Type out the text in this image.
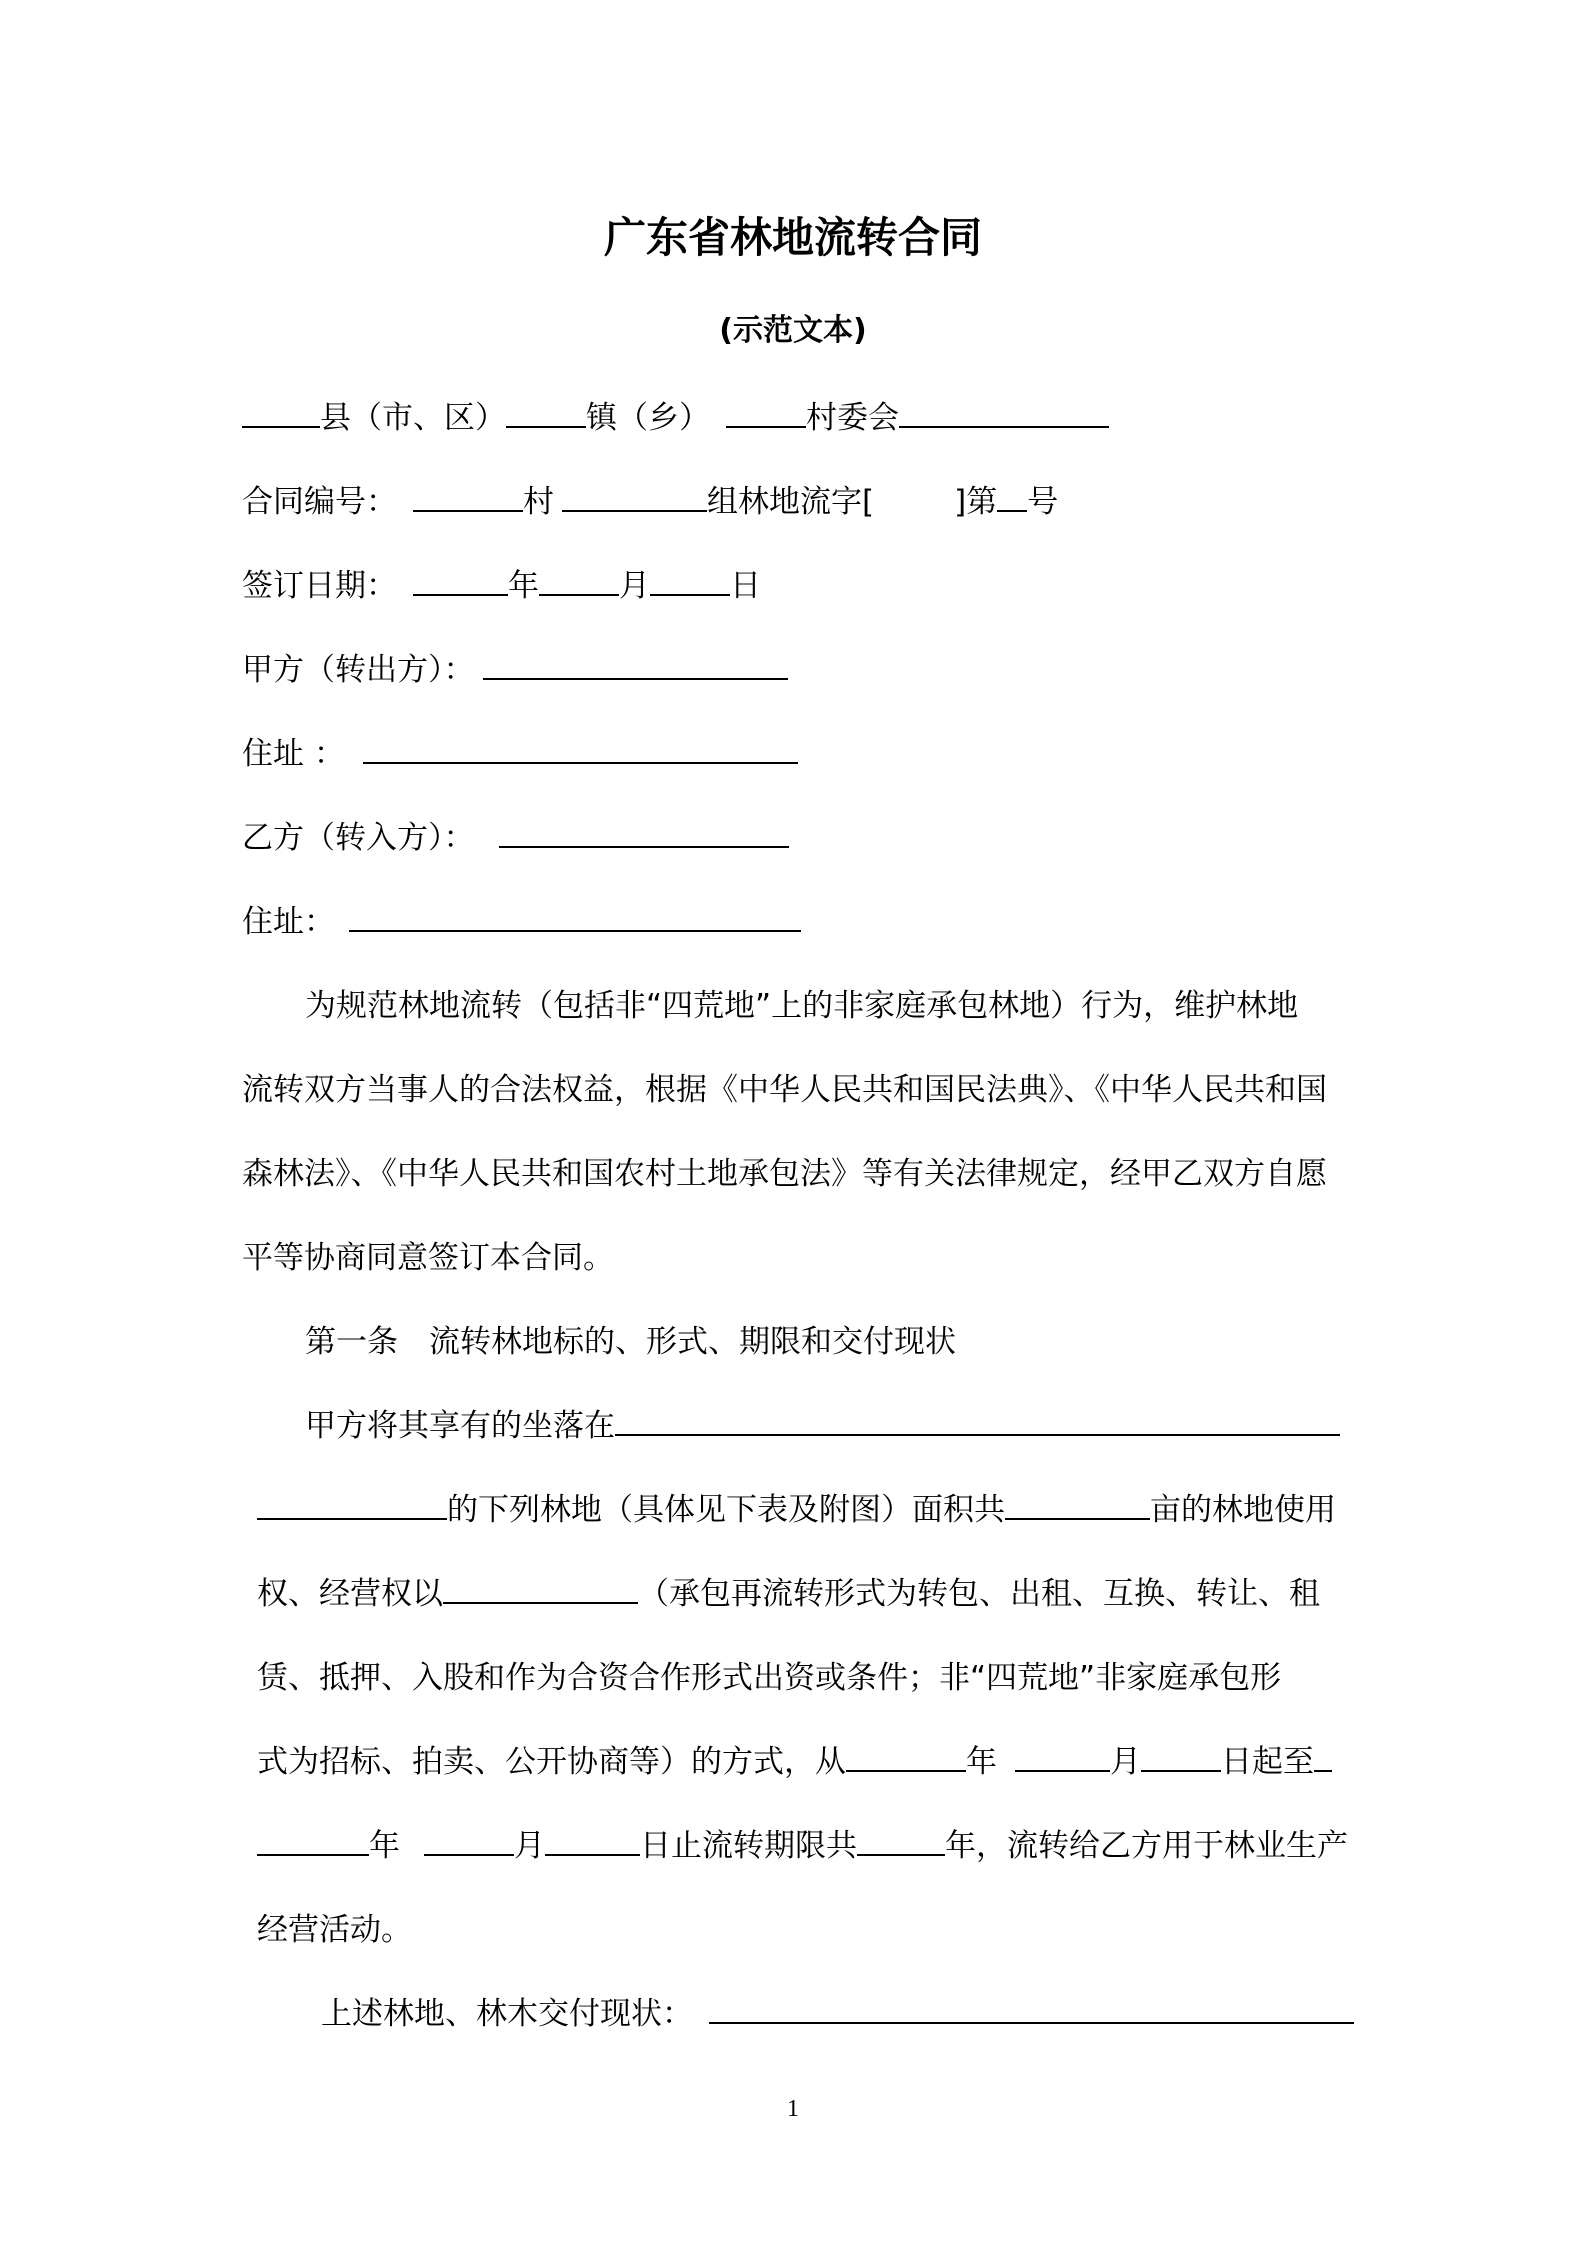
广东省林地流转合同
(示范文本)
县（市、区）	镇（乡）	村委会
合同编号：	村	组林地流字[	]第 号
签订日期：	年	月	日
甲方（转出方）：
住址 ：
乙方（转入方）：
住址：
为规范林地流转（包括非“四荒地”上的非家庭承包林地）行为，维护林地
流转双方当事人的合法权益，根据《中华人民共和国民法典》、《中华人民共和国
森林法》、《中华人民共和国农村土地承包法》等有关法律规定，经甲乙双方自愿
平等协商同意签订本合同。
第一条　流转林地标的、形式、期限和交付现状
甲方将其享有的坐落在
的下列林地（具体见下表及附图）面积共	亩的林地使用
权、经营权以	（承包再流转形式为转包、出租、互换、转让、租
赁、抵押、入股和作为合资合作形式出资或条件；非“四荒地”非家庭承包形
式为招标、拍卖、公开协商等）的方式，从	年	月	日起至
年	月	日止流转期限共	年，流转给乙方用于林业生产
经营活动。
上述林地、林木交付现状：
1
